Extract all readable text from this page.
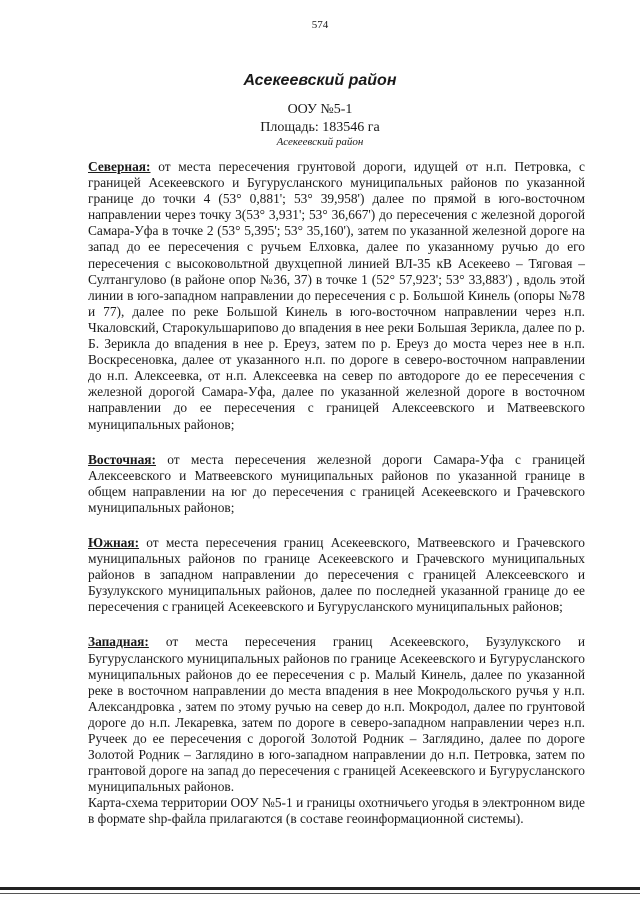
574
Асекеевский район
ООУ №5-1
Площадь: 183546 га
Асекеевский район

Северная: от места пересечения грунтовой дороги, идущей от н.п. Петровка, с границей Асекеевского и Бугурусланского муниципальных районов по указанной границе до точки 4 (53° 0,881'; 53° 39,958') далее по прямой в юго-восточном направлении через точку 3(53° 3,931'; 53° 36,667') до пересечения с железной дорогой Самара-Уфа в точке 2 (53° 5,395'; 53° 35,160'), затем по указанной железной дороге на запад до ее пересечения с ручьем Елховка, далее по указанному ручью до его пересечения с высоковольтной двухцепной линией ВЛ-35 кВ Асекеево – Тяговая – Султангулово (в районе опор №36, 37) в точке 1 (52° 57,923'; 53° 33,883') , вдоль этой линии в юго-западном направлении до пересечения с р. Большой Кинель (опоры №78 и 77), далее по реке Большой Кинель в юго-восточном направлении через н.п. Чкаловский, Старокульшарипово до впадения в нее реки Большая Зерикла, далее по р. Б. Зерикла до впадения в нее р. Ереуз, затем по р. Ереуз до моста через нее в н.п. Воскресеновка, далее от указанного н.п. по дороге в северо-восточном направлении до н.п. Алексеевка, от н.п. Алексеевка на север по автодороге до ее пересечения с железной дорогой Самара-Уфа, далее по указанной железной дороге в восточном направлении до ее пересечения с границей Алексеевского и Матвеевского муниципальных районов;

Восточная: от места пересечения железной дороги Самара-Уфа с границей Алексеевского и Матвеевского муниципальных районов по указанной границе в общем направлении на юг до пересечения с границей Асекеевского и Грачевского муниципальных районов;

Южная: от места пересечения границ Асекеевского, Матвеевского и Грачевского муниципальных районов по границе Асекеевского и Грачевского муниципальных районов в западном направлении до пересечения с границей Алексеевского и Бузулукского муниципальных районов, далее по последней указанной границе до ее пересечения с границей Асекеевского и Бугурусланского муниципальных районов;

Западная: от места пересечения границ Асекеевского, Бузулукского и Бугурусланского муниципальных районов по границе Асекеевского и Бугурусланского муниципальных районов до ее пересечения с р. Малый Кинель, далее по указанной реке в восточном направлении до места впадения в нее Мокродольского ручья у н.п. Александровка , затем по этому ручью на север до н.п. Мокродол, далее по грунтовой дороге до н.п. Лекаревка, затем по дороге в северо-западном направлении через н.п. Ручеек до ее пересечения с дорогой Золотой Родник – Заглядино, далее по дороге Золотой Родник – Заглядино в юго-западном направлении до н.п. Петровка, затем по грантовой дороге на запад до пересечения с границей Асекеевского и Бугурусланского муниципальных районов.

Карта-схема территории ООУ №5-1 и границы охотничьего угодья в электронном виде в формате shp-файла прилагаются (в составе геоинформационной системы).
